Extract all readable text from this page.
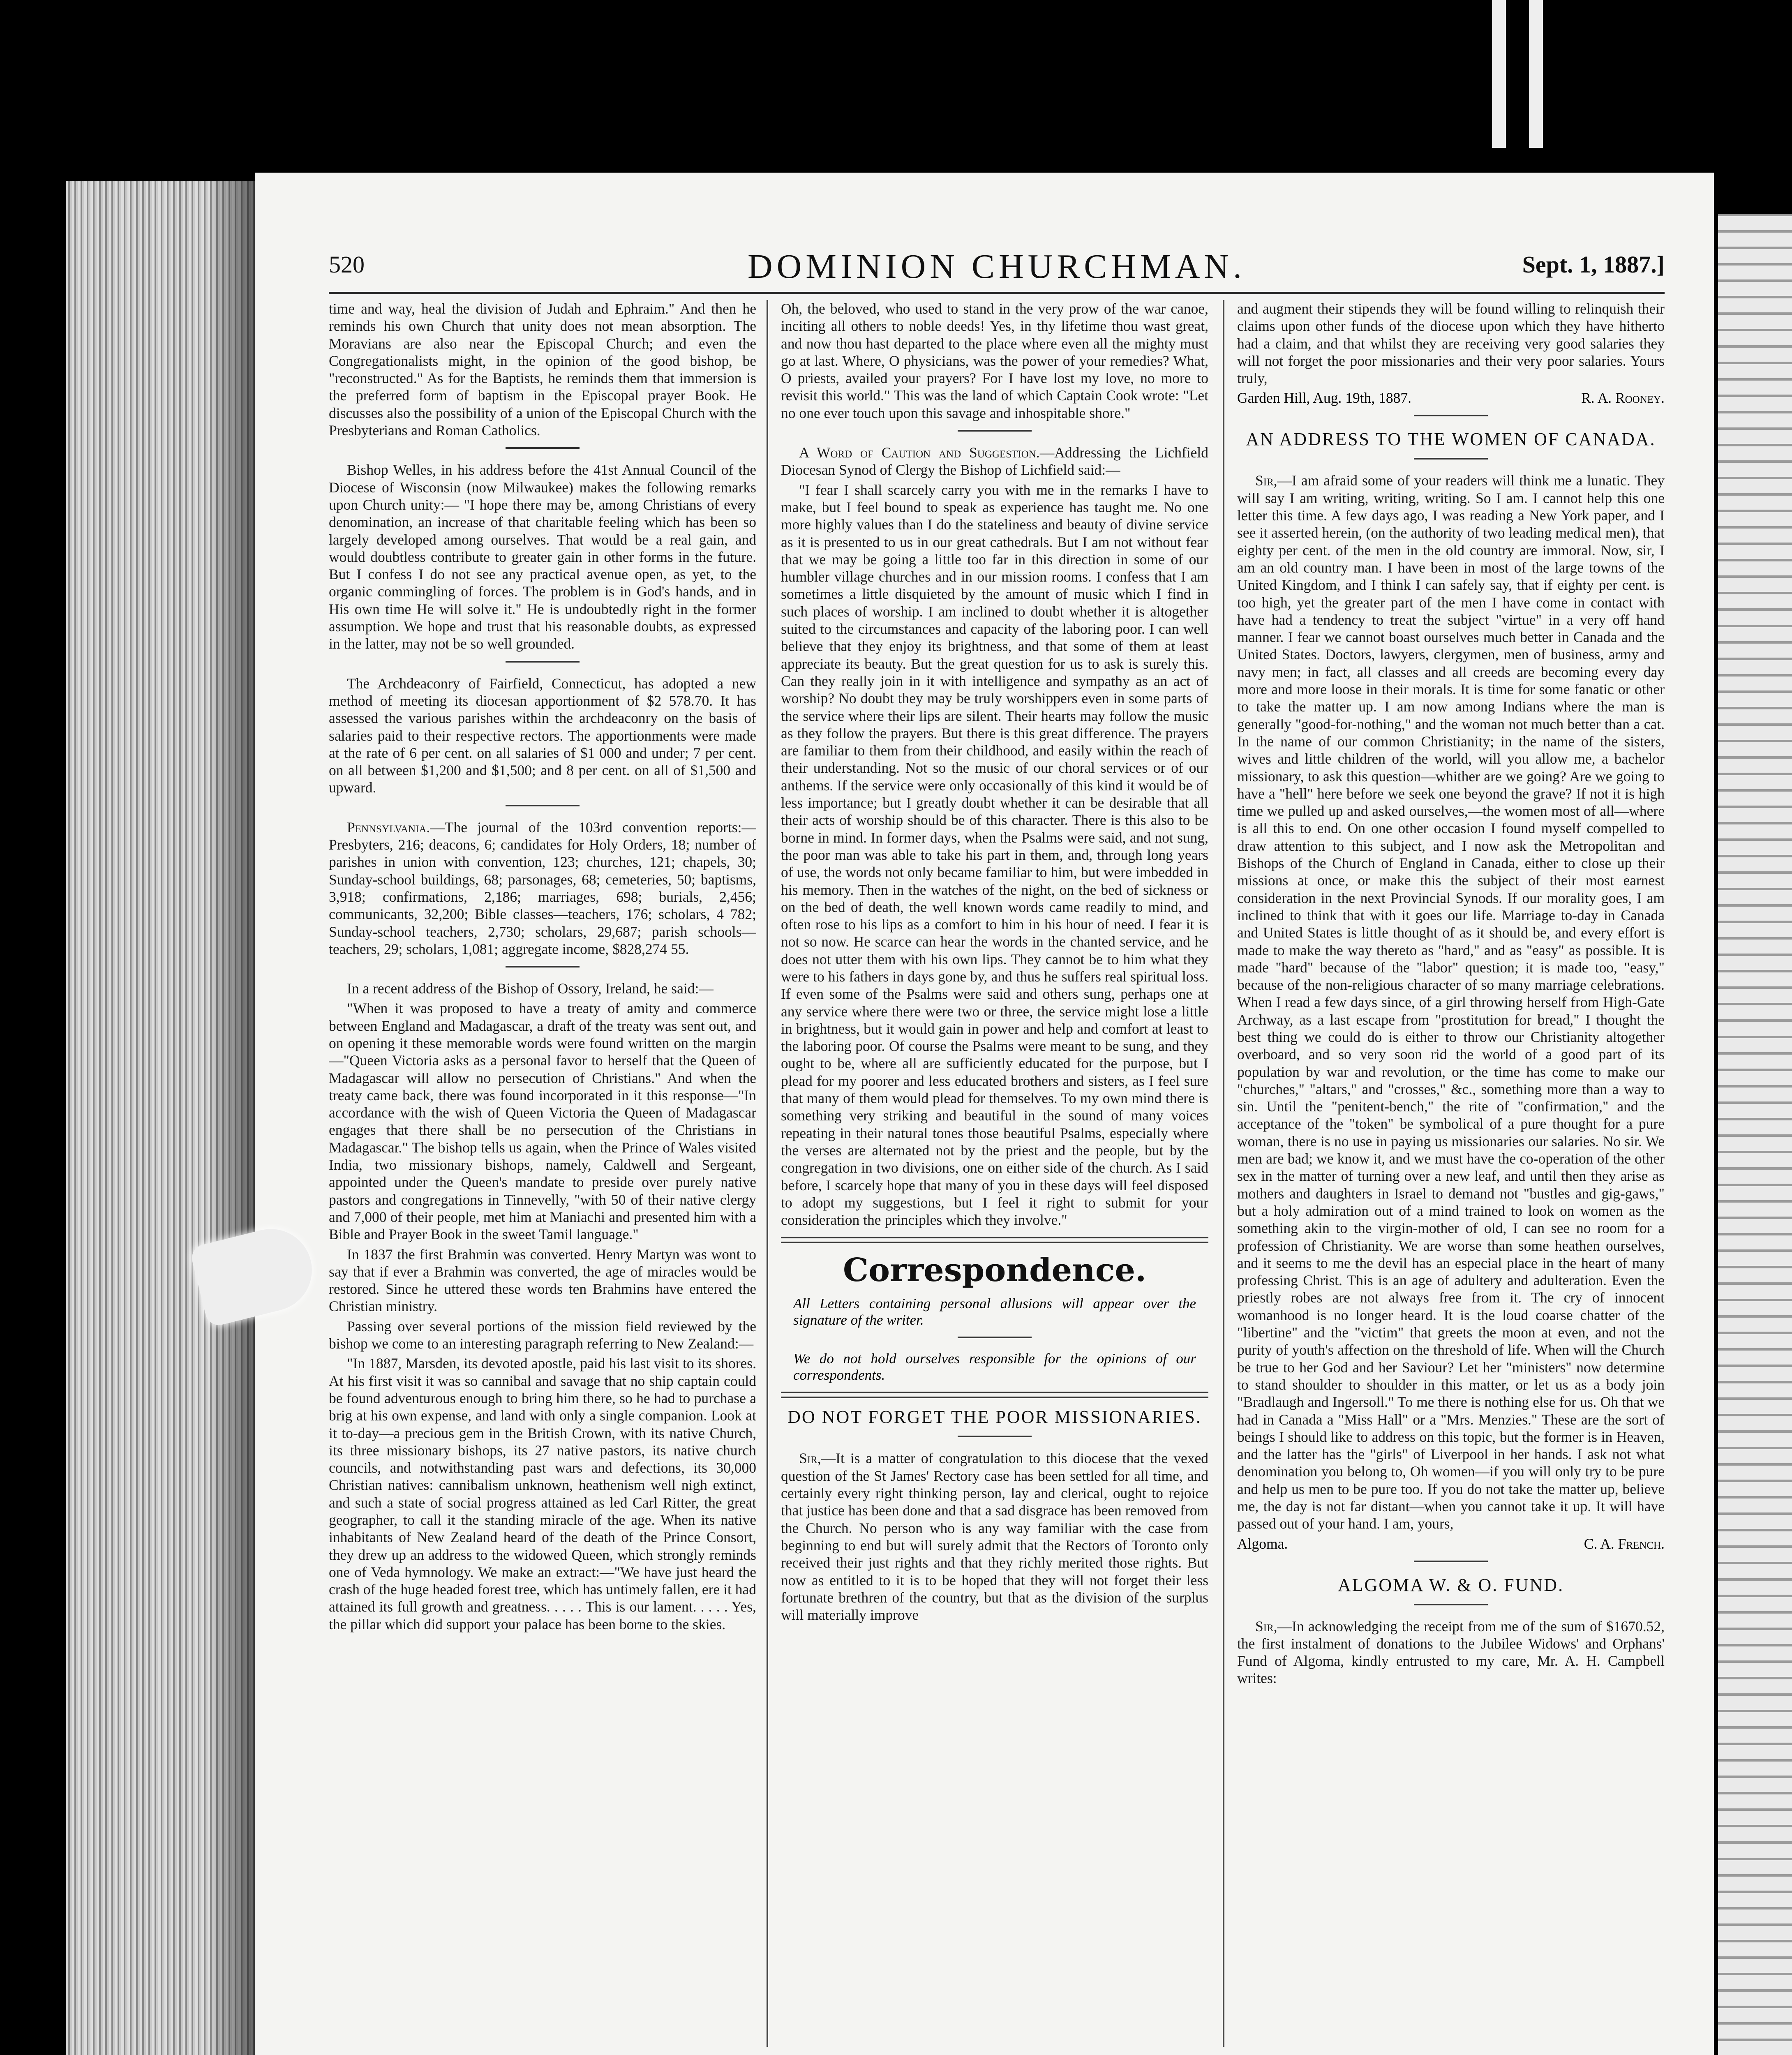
520	DOMINION CHURCHMAN.	Sept. 1, 1887.]

time and way, heal the division of Judah and Ephraim." And then he reminds his own Church that unity does not mean absorption. The Moravians are also near the Episcopal Church; and even the Congregationalists might, in the opinion of the good bishop, be "reconstructed." As for the Baptists, he reminds them that immersion is the preferred form of baptism in the Episcopal prayer Book. He discusses also the possibility of a union of the Episcopal Church with the Presbyterians and Roman Catholics.

Bishop Welles, in his address before the 41st Annual Council of the Diocese of Wisconsin (now Milwaukee) makes the following remarks upon Church unity:— "I hope there may be, among Christians of every denomination, an increase of that charitable feeling which has been so largely developed among ourselves. That would be a real gain, and would doubtless contribute to greater gain in other forms in the future. But I confess I do not see any practical avenue open, as yet, to the organic commingling of forces. The problem is in God's hands, and in His own time He will solve it." He is undoubtedly right in the former assumption. We hope and trust that his reasonable doubts, as expressed in the latter, may not be so well grounded.

The Archdeaconry of Fairfield, Connecticut, has adopted a new method of meeting its diocesan apportionment of $2 578.70. It has assessed the various parishes within the archdeaconry on the basis of salaries paid to their respective rectors. The apportionments were made at the rate of 6 per cent. on all salaries of $1 000 and under; 7 per cent. on all between $1,200 and $1,500; and 8 per cent. on all of $1,500 and upward.

Pennsylvania.—The journal of the 103rd convention reports:—Presbyters, 216; deacons, 6; candidates for Holy Orders, 18; number of parishes in union with convention, 123; churches, 121; chapels, 30; Sunday-school buildings, 68; parsonages, 68; cemeteries, 50; baptisms, 3,918; confirmations, 2,186; marriages, 698; burials, 2,456; communicants, 32,200; Bible classes—teachers, 176; scholars, 4 782; Sunday-school teachers, 2,730; scholars, 29,687; parish schools—teachers, 29; scholars, 1,081; aggregate income, $828,274 55.

In a recent address of the Bishop of Ossory, Ireland, he said:—

"When it was proposed to have a treaty of amity and commerce between England and Madagascar, a draft of the treaty was sent out, and on opening it these memorable words were found written on the margin—"Queen Victoria asks as a personal favor to herself that the Queen of Madagascar will allow no persecution of Christians." And when the treaty came back, there was found incorporated in it this response—"In accordance with the wish of Queen Victoria the Queen of Madagascar engages that there shall be no persecution of the Christians in Madagascar." The bishop tells us again, when the Prince of Wales visited India, two missionary bishops, namely, Caldwell and Sergeant, appointed under the Queen's mandate to preside over purely native pastors and congregations in Tinnevelly, "with 50 of their native clergy and 7,000 of their people, met him at Maniachi and presented him with a Bible and Prayer Book in the sweet Tamil language."

In 1837 the first Brahmin was converted. Henry Martyn was wont to say that if ever a Brahmin was converted, the age of miracles would be restored. Since he uttered these words ten Brahmins have entered the Christian ministry.

Passing over several portions of the mission field reviewed by the bishop we come to an interesting paragraph referring to New Zealand:—

"In 1887, Marsden, its devoted apostle, paid his last visit to its shores. At his first visit it was so cannibal and savage that no ship captain could be found adventurous enough to bring him there, so he had to purchase a brig at his own expense, and land with only a single companion. Look at it to-day—a precious gem in the British Crown, with its native Church, its three missionary bishops, its 27 native pastors, its native church councils, and notwithstanding past wars and defections, its 30,000 Christian natives: cannibalism unknown, heathenism well nigh extinct, and such a state of social progress attained as led Carl Ritter, the great geographer, to call it the standing miracle of the age. When its native inhabitants of New Zealand heard of the death of the Prince Consort, they drew up an address to the widowed Queen, which strongly reminds one of Veda hymnology. We make an extract:—"We have just heard the crash of the huge headed forest tree, which has untimely fallen, ere it had attained its full growth and greatness. . . . . This is our lament. . . . . Yes, the pillar which did support your palace has been borne to the skies.

Oh, the beloved, who used to stand in the very prow of the war canoe, inciting all others to noble deeds! Yes, in thy lifetime thou wast great, and now thou hast departed to the place where even all the mighty must go at last. Where, O physicians, was the power of your remedies? What, O priests, availed your prayers? For I have lost my love, no more to revisit this world." This was the land of which Captain Cook wrote: "Let no one ever touch upon this savage and inhospitable shore."

A Word of Caution and Suggestion.—Addressing the Lichfield Diocesan Synod of Clergy the Bishop of Lichfield said:—

"I fear I shall scarcely carry you with me in the remarks I have to make, but I feel bound to speak as experience has taught me. No one more highly values than I do the stateliness and beauty of divine service as it is presented to us in our great cathedrals. But I am not without fear that we may be going a little too far in this direction in some of our humbler village churches and in our mission rooms. I confess that I am sometimes a little disquieted by the amount of music which I find in such places of worship. I am inclined to doubt whether it is altogether suited to the circumstances and capacity of the laboring poor. I can well believe that they enjoy its brightness, and that some of them at least appreciate its beauty. But the great question for us to ask is surely this. Can they really join in it with intelligence and sympathy as an act of worship? No doubt they may be truly worshippers even in some parts of the service where their lips are silent. Their hearts may follow the music as they follow the prayers. But there is this great difference. The prayers are familiar to them from their childhood, and easily within the reach of their understanding. Not so the music of our choral services or of our anthems. If the service were only occasionally of this kind it would be of less importance; but I greatly doubt whether it can be desirable that all their acts of worship should be of this character. There is this also to be borne in mind. In former days, when the Psalms were said, and not sung, the poor man was able to take his part in them, and, through long years of use, the words not only became familiar to him, but were imbedded in his memory. Then in the watches of the night, on the bed of sickness or on the bed of death, the well known words came readily to mind, and often rose to his lips as a comfort to him in his hour of need. I fear it is not so now. He scarce can hear the words in the chanted service, and he does not utter them with his own lips. They cannot be to him what they were to his fathers in days gone by, and thus he suffers real spiritual loss. If even some of the Psalms were said and others sung, perhaps one at any service where there were two or three, the service might lose a little in brightness, but it would gain in power and help and comfort at least to the laboring poor. Of course the Psalms were meant to be sung, and they ought to be, where all are sufficiently educated for the purpose, but I plead for my poorer and less educated brothers and sisters, as I feel sure that many of them would plead for themselves. To my own mind there is something very striking and beautiful in the sound of many voices repeating in their natural tones those beautiful Psalms, especially where the verses are alternated not by the priest and the people, but by the congregation in two divisions, one on either side of the church. As I said before, I scarcely hope that many of you in these days will feel disposed to adopt my suggestions, but I feel it right to submit for your consideration the principles which they involve."

Correspondence.
All Letters containing personal allusions will appear over the signature of the writer.
We do not hold ourselves responsible for the opinions of our correspondents.
DO NOT FORGET THE POOR MISSIONARIES.

Sir,—It is a matter of congratulation to this diocese that the vexed question of the St James' Rectory case has been settled for all time, and certainly every right thinking person, lay and clerical, ought to rejoice that justice has been done and that a sad disgrace has been removed from the Church. No person who is any way familiar with the case from beginning to end but will surely admit that the Rectors of Toronto only received their just rights and that they richly merited those rights. But now as entitled to it is to be hoped that they will not forget their less fortunate brethren of the country, but that as the division of the surplus will materially improve

and augment their stipends they will be found willing to relinquish their claims upon other funds of the diocese upon which they have hitherto had a claim, and that whilst they are receiving very good salaries they will not forget the poor missionaries and their very poor salaries. Yours truly,

Garden Hill, Aug. 19th, 1887.	R. A. Rooney.
AN ADDRESS TO THE WOMEN OF CANADA.

Sir,—I am afraid some of your readers will think me a lunatic. They will say I am writing, writing, writing. So I am. I cannot help this one letter this time. A few days ago, I was reading a New York paper, and I see it asserted herein, (on the authority of two leading medical men), that eighty per cent. of the men in the old country are immoral. Now, sir, I am an old country man. I have been in most of the large towns of the United Kingdom, and I think I can safely say, that if eighty per cent. is too high, yet the greater part of the men I have come in contact with have had a tendency to treat the subject "virtue" in a very off hand manner. I fear we cannot boast ourselves much better in Canada and the United States. Doctors, lawyers, clergymen, men of business, army and navy men; in fact, all classes and all creeds are becoming every day more and more loose in their morals. It is time for some fanatic or other to take the matter up. I am now among Indians where the man is generally "good-for-nothing," and the woman not much better than a cat. In the name of our common Christianity; in the name of the sisters, wives and little children of the world, will you allow me, a bachelor missionary, to ask this question—whither are we going? Are we going to have a "hell" here before we seek one beyond the grave? If not it is high time we pulled up and asked ourselves,—the women most of all—where is all this to end. On one other occasion I found myself compelled to draw attention to this subject, and I now ask the Metropolitan and Bishops of the Church of England in Canada, either to close up their missions at once, or make this the subject of their most earnest consideration in the next Provincial Synods. If our morality goes, I am inclined to think that with it goes our life. Marriage to-day in Canada and United States is little thought of as it should be, and every effort is made to make the way thereto as "hard," and as "easy" as possible. It is made "hard" because of the "labor" question; it is made too, "easy," because of the non-religious character of so many marriage celebrations. When I read a few days since, of a girl throwing herself from High-Gate Archway, as a last escape from "prostitution for bread," I thought the best thing we could do is either to throw our Christianity altogether overboard, and so very soon rid the world of a good part of its population by war and revolution, or the time has come to make our "churches," "altars," and "crosses," &c., something more than a way to sin. Until the "penitent-bench," the rite of "confirmation," and the acceptance of the "token" be symbolical of a pure thought for a pure woman, there is no use in paying us missionaries our salaries. No sir. We men are bad; we know it, and we must have the co-operation of the other sex in the matter of turning over a new leaf, and until then they arise as mothers and daughters in Israel to demand not "bustles and gig-gaws," but a holy admiration out of a mind trained to look on women as the something akin to the virgin-mother of old, I can see no room for a profession of Christianity. We are worse than some heathen ourselves, and it seems to me the devil has an especial place in the heart of many professing Christ. This is an age of adultery and adulteration. Even the priestly robes are not always free from it. The cry of innocent womanhood is no longer heard. It is the loud coarse chatter of the "libertine" and the "victim" that greets the moon at even, and not the purity of youth's affection on the threshold of life. When will the Church be true to her God and her Saviour? Let her "ministers" now determine to stand shoulder to shoulder in this matter, or let us as a body join "Bradlaugh and Ingersoll." To me there is nothing else for us. Oh that we had in Canada a "Miss Hall" or a "Mrs. Menzies." These are the sort of beings I should like to address on this topic, but the former is in Heaven, and the latter has the "girls" of Liverpool in her hands. I ask not what denomination you belong to, Oh women—if you will only try to be pure and help us men to be pure too. If you do not take the matter up, believe me, the day is not far distant—when you cannot take it up. It will have passed out of your hand. I am, yours,

Algoma.	C. A. French.
ALGOMA W. & O. FUND.

Sir,—In acknowledging the receipt from me of the sum of $1670.52, the first instalment of donations to the Jubilee Widows' and Orphans' Fund of Algoma, kindly entrusted to my care, Mr. A. H. Campbell writes:
